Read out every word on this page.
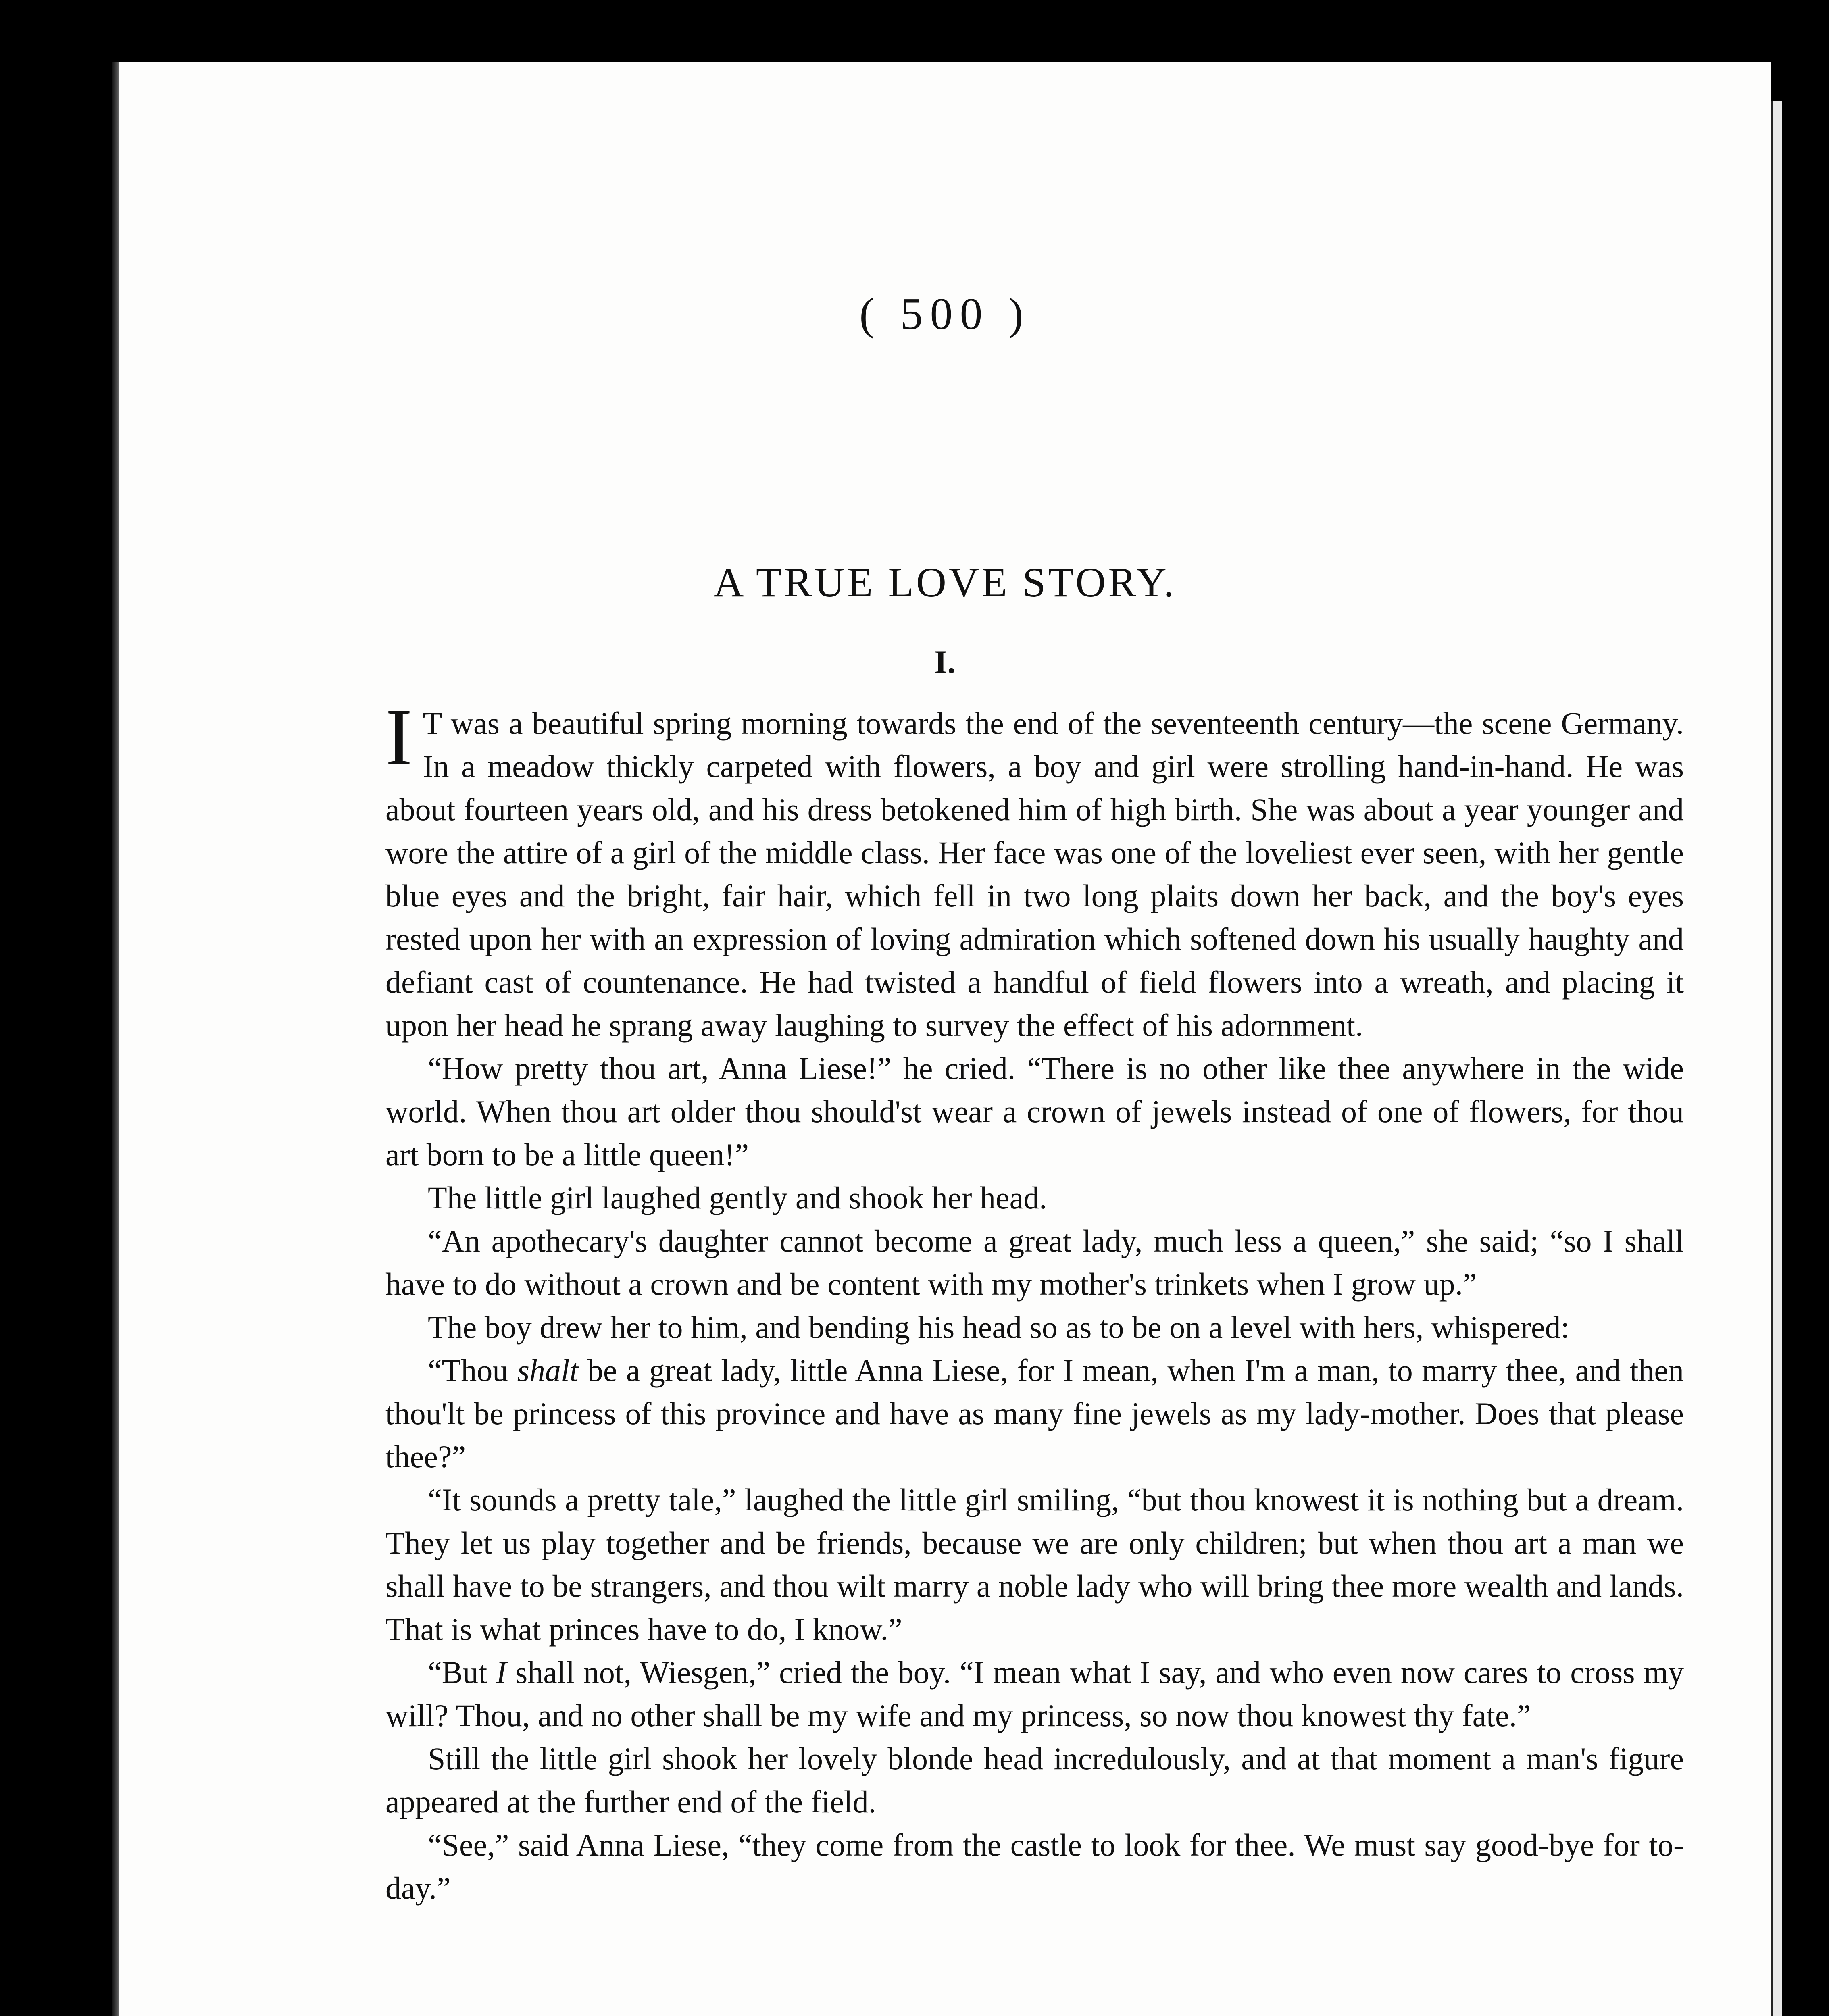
( 500 )
A TRUE LOVE STORY.
I.

I T was a beautiful spring morning towards the end of the seventeenth century—the scene Germany. In a meadow thickly carpeted with flowers, a boy and girl were strolling hand-in-hand. He was about fourteen years old, and his dress betokened him of high birth. She was about a year younger and wore the attire of a girl of the middle class. Her face was one of the loveliest ever seen, with her gentle blue eyes and the bright, fair hair, which fell in two long plaits down her back, and the boy's eyes rested upon her with an expression of loving admiration which softened down his usually haughty and defiant cast of countenance. He had twisted a handful of field flowers into a wreath, and placing it upon her head he sprang away laughing to survey the effect of his adornment.

“How pretty thou art, Anna Liese!” he cried. “There is no other like thee anywhere in the wide world. When thou art older thou should'st wear a crown of jewels instead of one of flowers, for thou art born to be a little queen!”

The little girl laughed gently and shook her head.

“An apothecary's daughter cannot become a great lady, much less a queen,” she said; “so I shall have to do without a crown and be content with my mother's trinkets when I grow up.”

The boy drew her to him, and bending his head so as to be on a level with hers, whispered:

“Thou shalt be a great lady, little Anna Liese, for I mean, when I'm a man, to marry thee, and then thou'lt be princess of this province and have as many fine jewels as my lady-mother. Does that please thee?”

“It sounds a pretty tale,” laughed the little girl smiling, “but thou knowest it is nothing but a dream. They let us play together and be friends, because we are only children; but when thou art a man we shall have to be strangers, and thou wilt marry a noble lady who will bring thee more wealth and lands. That is what princes have to do, I know.”

“But I shall not, Wiesgen,” cried the boy. “I mean what I say, and who even now cares to cross my will? Thou, and no other shall be my wife and my princess, so now thou knowest thy fate.”

Still the little girl shook her lovely blonde head incredulously, and at that moment a man's figure appeared at the further end of the field.

“See,” said Anna Liese, “they come from the castle to look for thee. We must say good-bye for to-day.”
